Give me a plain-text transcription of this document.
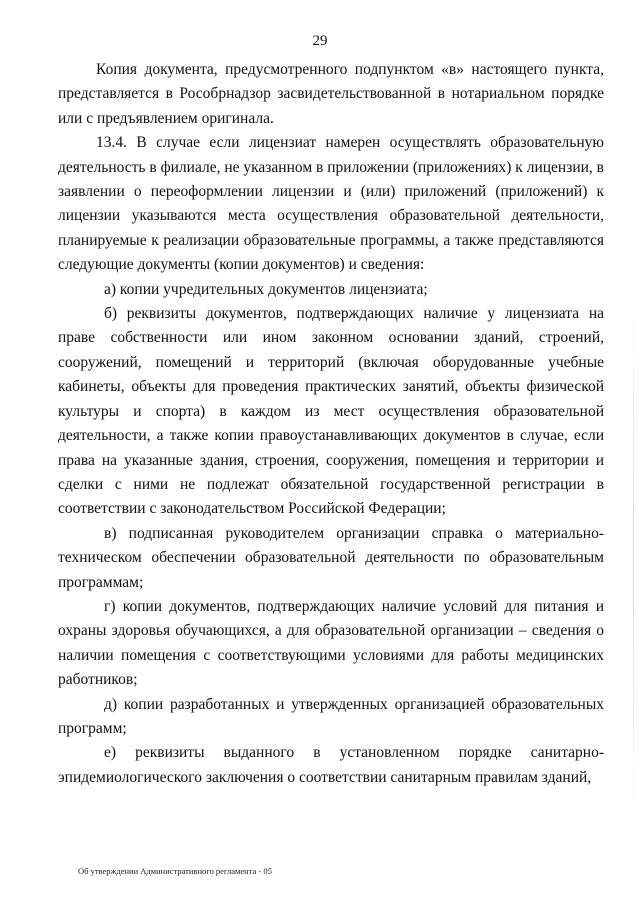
29

Копия документа, предусмотренного подпунктом «в» настоящего пункта, представляется в Рособрнадзор засвидетельствованной в нотариальном порядке или с предъявлением оригинала.

13.4. В случае если лицензиат намерен осуществлять образовательную деятельность в филиале, не указанном в приложении (приложениях) к лицензии, в заявлении о переоформлении лицензии и (или) приложений (приложений) к лицензии указываются места осуществления образовательной деятельности, планируемые к реализации образовательные программы, а также представляются следующие документы (копии документов) и сведения:

а) копии учредительных документов лицензиата;

б) реквизиты документов, подтверждающих наличие у лицензиата на праве собственности или ином законном основании зданий, строений, сооружений, помещений и территорий (включая оборудованные учебные кабинеты, объекты для проведения практических занятий, объекты физической культуры и спорта) в каждом из мест осуществления образовательной деятельности, а также копии правоустанавливающих документов в случае, если права на указанные здания, строения, сооружения, помещения и территории и сделки с ними не подлежат обязательной государственной регистрации в соответствии с законодательством Российской Федерации;

в) подписанная руководителем организации справка о материально-техническом обеспечении образовательной деятельности по образовательным программам;

г) копии документов, подтверждающих наличие условий для питания и охраны здоровья обучающихся, а для образовательной организации – сведения о наличии помещения с соответствующими условиями для работы медицинских работников;

д) копии разработанных и утвержденных организацией образовательных программ;

е) реквизиты выданного в установленном порядке санитарно-эпидемиологического заключения о соответствии санитарным правилам зданий,

Об утверждении Административного регламента - 05
